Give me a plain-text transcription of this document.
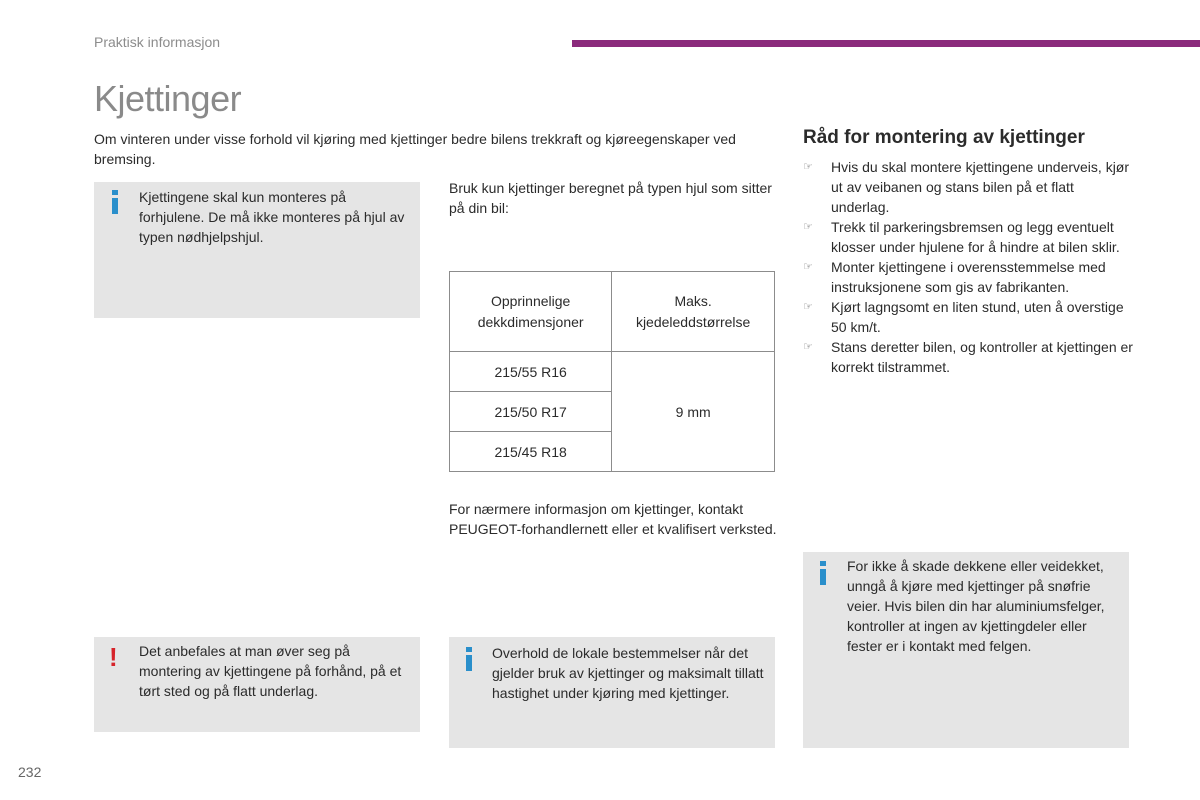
Praktisk informasjon
Kjettinger

Om vinteren under visse forhold vil kjøring med kjettinger bedre bilens trekkraft og kjøreegenskaper ved bremsing.

Kjettingene skal kun monteres på forhjulene. De må ikke monteres på hjul av typen nødhjelpshjul.

Bruk kun kjettinger beregnet på typen hjul som sitter på din bil:

Opprinnelige dekkdimensjoner	Maks. kjedeleddstørrelse
215/55 R16	9 mm
215/50 R17	
215/45 R18	

For nærmere informasjon om kjettinger, kontakt PEUGEOT-forhandlernett eller et kvalifisert verksted.

! Det anbefales at man øver seg på montering av kjettingene på forhånd, på et tørt sted og på flatt underlag.

Overhold de lokale bestemmelser når det gjelder bruk av kjettinger og maksimalt tillatt hastighet under kjøring med kjettinger.

Råd for montering av kjettinger
☞ Hvis du skal montere kjettingene underveis, kjør ut av veibanen og stans bilen på et flatt underlag.
☞ Trekk til parkeringsbremsen og legg eventuelt klosser under hjulene for å hindre at bilen sklir.
☞ Monter kjettingene i overensstemmelse med instruksjonene som gis av fabrikanten.
☞ Kjørt lagngsomt en liten stund, uten å overstige 50 km/t.
☞ Stans deretter bilen, og kontroller at kjettingen er korrekt tilstrammet.

For ikke å skade dekkene eller veidekket, unngå å kjøre med kjettinger på snøfrie veier. Hvis bilen din har aluminiumsfelger, kontroller at ingen av kjettingdeler eller fester er i kontakt med felgen.

232
